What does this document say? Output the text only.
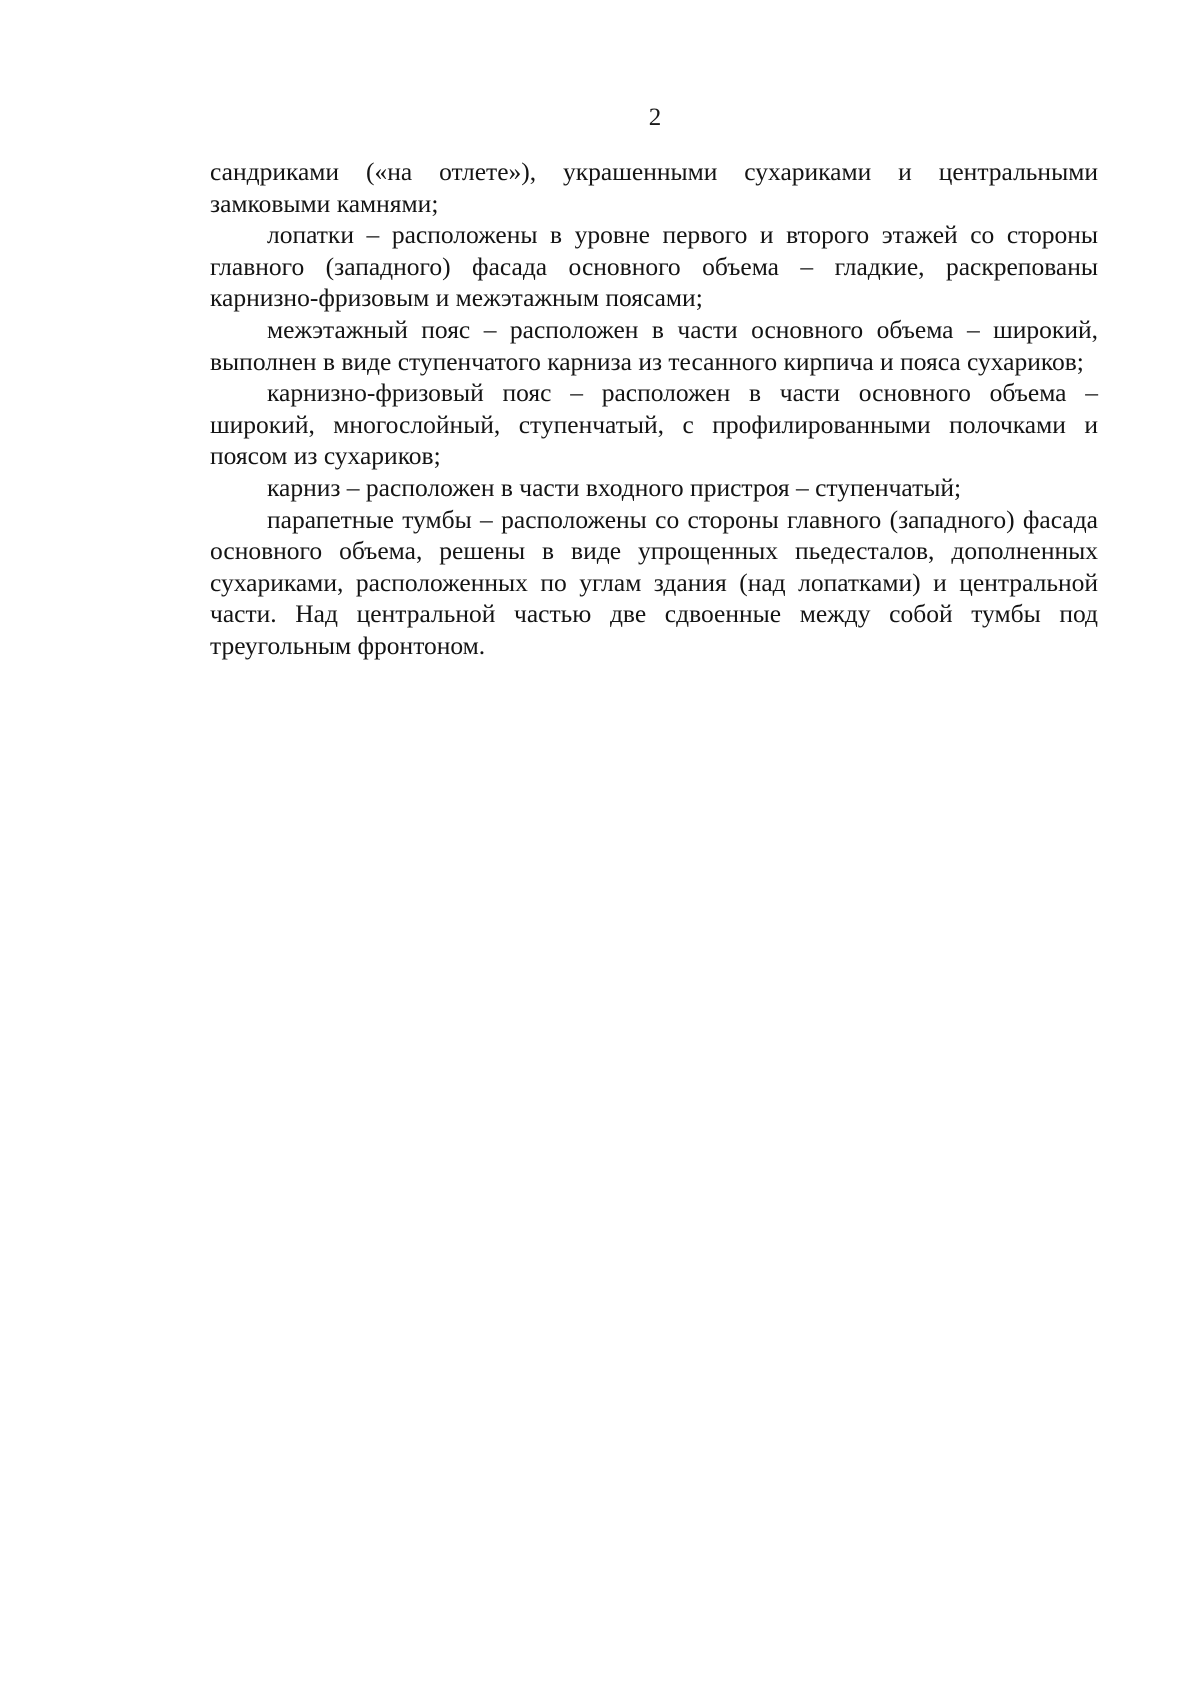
2

сандриками («на отлете»), украшенными сухариками и центральными замковыми камнями;

лопатки – расположены в уровне первого и второго этажей со стороны главного (западного) фасада основного объема – гладкие, раскрепованы карнизно-фризовым и межэтажным поясами;

межэтажный пояс – расположен в части основного объема – широкий, выполнен в виде ступенчатого карниза из тесанного кирпича и пояса сухариков;

карнизно-фризовый пояс – расположен в части основного объема – широкий, многослойный, ступенчатый, с профилированными полочками и поясом из сухариков;

карниз – расположен в части входного пристроя – ступенчатый;

парапетные тумбы – расположены со стороны главного (западного) фасада основного объема, решены в виде упрощенных пьедесталов, дополненных сухариками, расположенных по углам здания (над лопатками) и центральной части. Над центральной частью две сдвоенные между собой тумбы под треугольным фронтоном.
